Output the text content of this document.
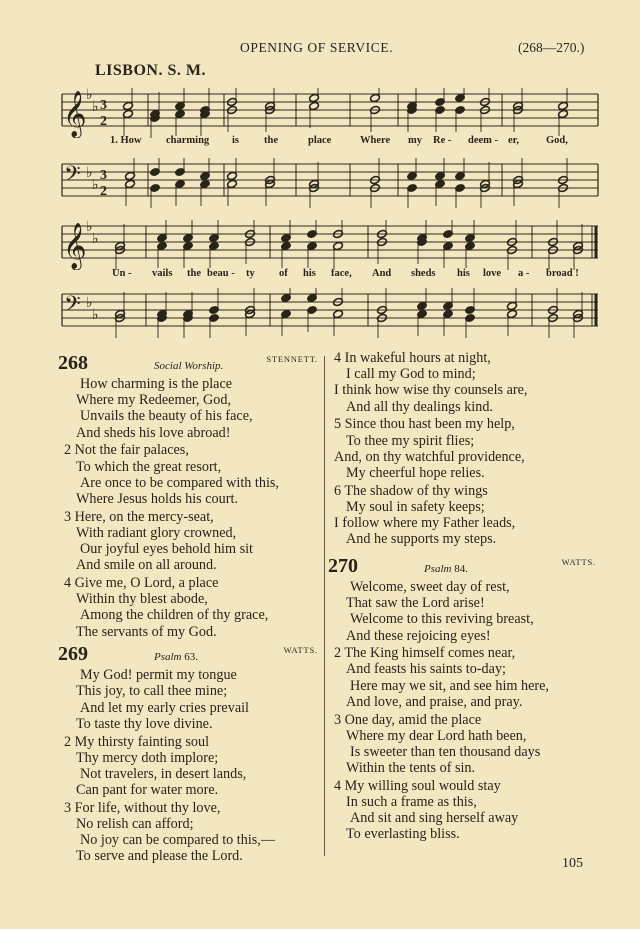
OPENING OF SERVICE.	(268—270.)
LISBON. S. M.
𝄞 ♭
♭ 3
2
1. How charming is the	place	Where my Re - deem - er,	God,
𝄢 ♭
♭
3
2
𝄞 ♭
♭
Un - vails the beau - ty of his face, And sheds his love a - broad !
𝄢 ♭
♭
268	Social Worship.
STENNETT.
How charming is the place
Where my Redeemer, God,
Unvails the beauty of his face,
And sheds his love abroad!
2 Not the fair palaces,
To which the great resort,
Are once to be compared with this,
Where Jesus holds his court.
3 Here, on the mercy-seat,
With radiant glory crowned,
Our joyful eyes behold him sit
And smile on all around.
4 Give me, O Lord, a place
Within thy blest abode,
Among the children of thy grace,
The servants of my God.
269	Psalm 63.
WATTS.
My God! permit my tongue
This joy, to call thee mine;
And let my early cries prevail
To taste thy love divine.
2 My thirsty fainting soul
Thy mercy doth implore;
Not travelers, in desert lands,
Can pant for water more.
3 For life, without thy love,
No relish can afford;
No joy can be compared to this,—
To serve and please the Lord.
4 In wakeful hours at night,
I call my God to mind;
I think how wise thy counsels are,
And all thy dealings kind.
5 Since thou hast been my help,
To thee my spirit flies;
And, on thy watchful providence,
My cheerful hope relies.
6 The shadow of thy wings
My soul in safety keeps;
I follow where my Father leads,
And he supports my steps.
270	Psalm 84.
WATTS.
Welcome, sweet day of rest,
That saw the Lord arise!
Welcome to this reviving breast,
And these rejoicing eyes!
2 The King himself comes near,
And feasts his saints to-day;
Here may we sit, and see him here,
And love, and praise, and pray.
3 One day, amid the place
Where my dear Lord hath been,
Is sweeter than ten thousand days
Within the tents of sin.
4 My willing soul would stay
In such a frame as this,
And sit and sing herself away
To everlasting bliss.
105
